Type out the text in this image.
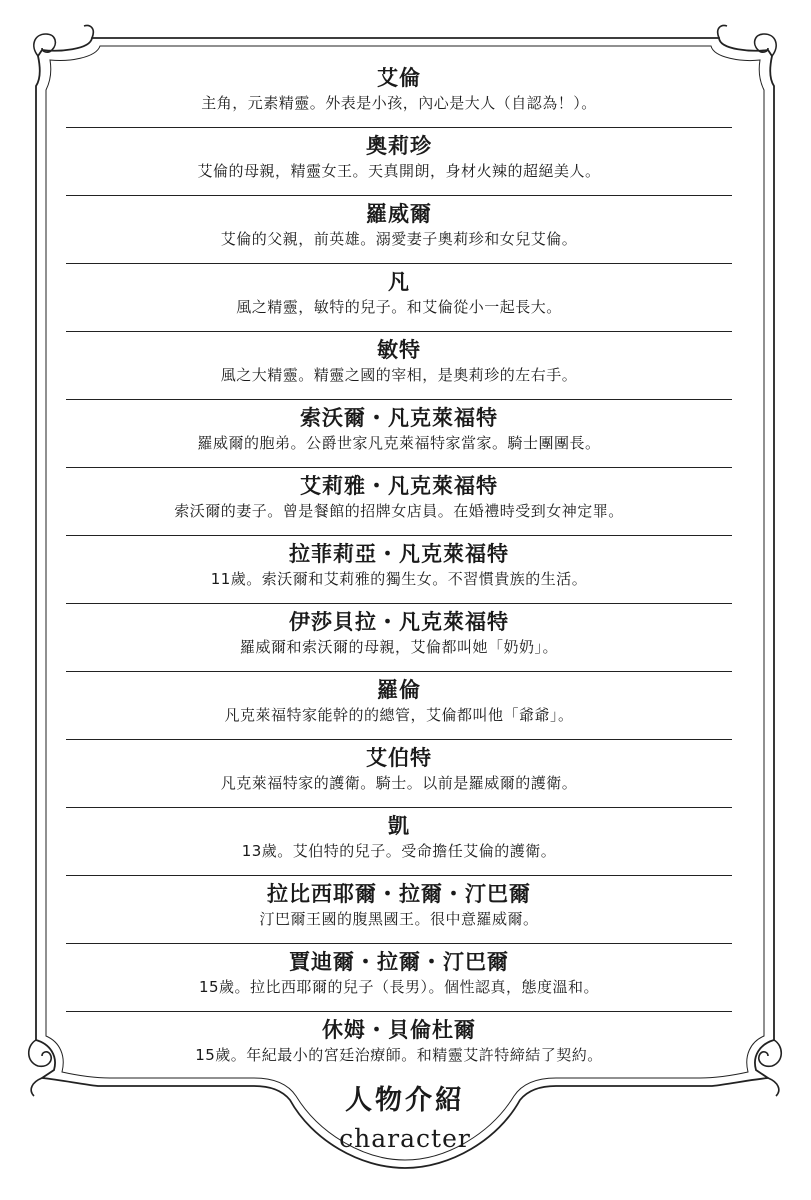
艾倫
主角，元素精靈。外表是小孩，內心是大人（自認為！）。
奧莉珍
艾倫的母親，精靈女王。天真開朗，身材火辣的超絕美人。
羅威爾
艾倫的父親，前英雄。溺愛妻子奧莉珍和女兒艾倫。
凡
風之精靈，敏特的兒子。和艾倫從小一起長大。
敏特
風之大精靈。精靈之國的宰相，是奧莉珍的左右手。
索沃爾・凡克萊福特
羅威爾的胞弟。公爵世家凡克萊福特家當家。騎士團團長。
艾莉雅・凡克萊福特
索沃爾的妻子。曾是餐館的招牌女店員。在婚禮時受到女神定罪。
拉菲莉亞・凡克萊福特
11歲。索沃爾和艾莉雅的獨生女。不習慣貴族的生活。
伊莎貝拉・凡克萊福特
羅威爾和索沃爾的母親，艾倫都叫她「奶奶」。
羅倫
凡克萊福特家能幹的的總管，艾倫都叫他「爺爺」。
艾伯特
凡克萊福特家的護衛。騎士。以前是羅威爾的護衛。
凱
13歲。艾伯特的兒子。受命擔任艾倫的護衛。
拉比西耶爾・拉爾・汀巴爾
汀巴爾王國的腹黑國王。很中意羅威爾。
賈迪爾・拉爾・汀巴爾
15歲。拉比西耶爾的兒子（長男）。個性認真，態度溫和。
休姆・貝倫杜爾
15歲。年紀最小的宮廷治療師。和精靈艾許特締結了契約。
人物介紹
character
